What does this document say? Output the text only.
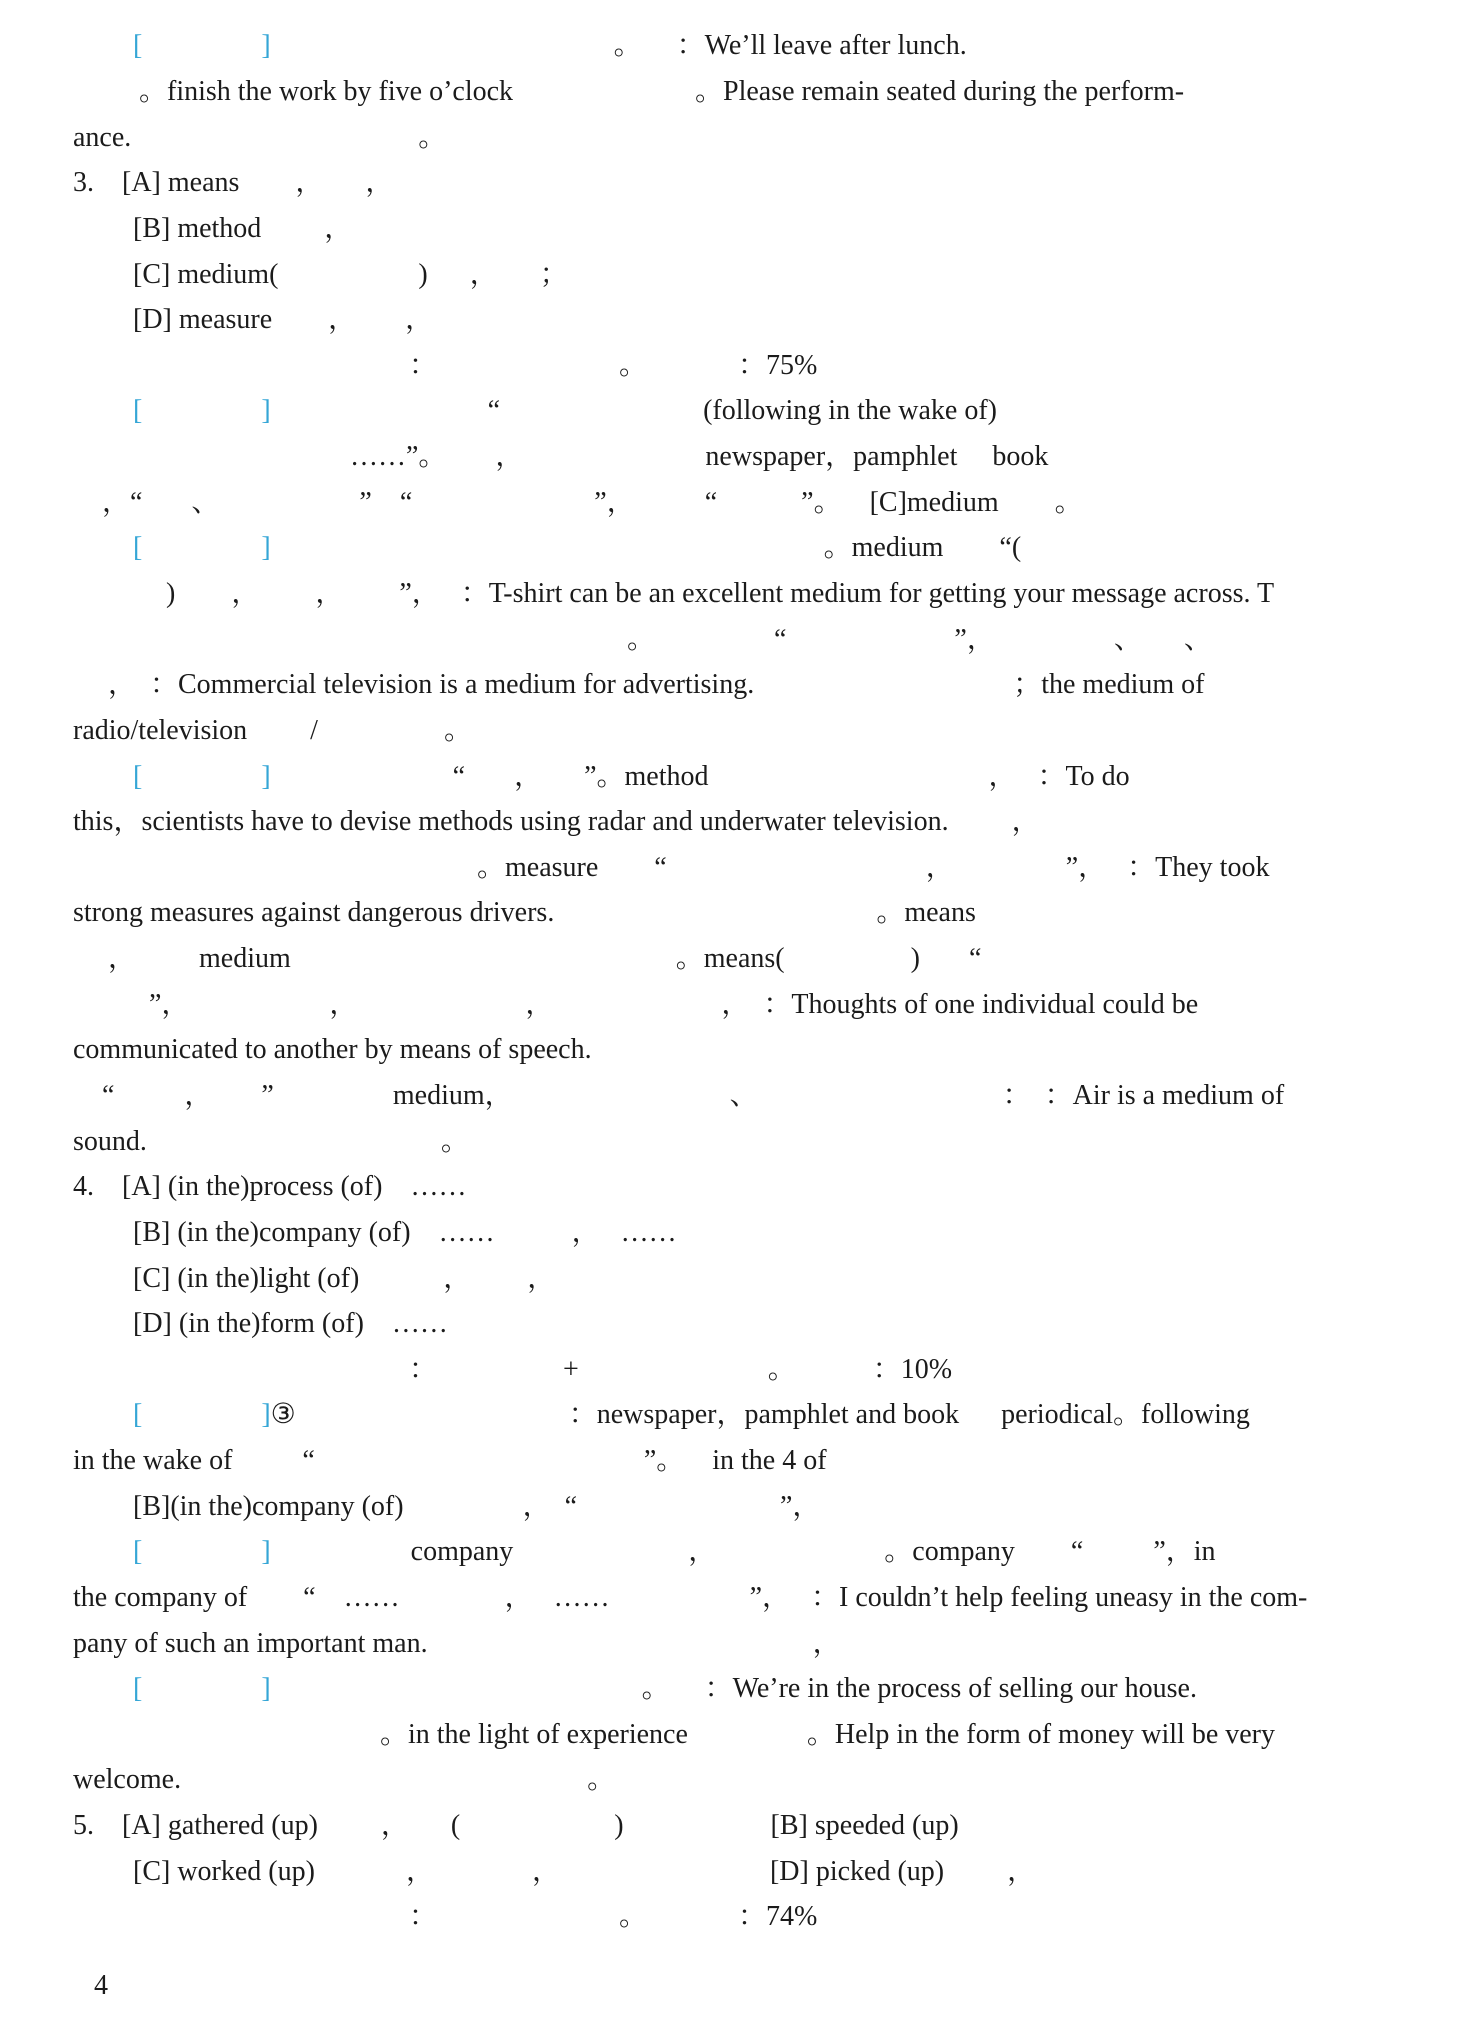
[	]                                                 。     ：We’ll leave after lunch.
。finish the work by five o’clock                          。Please remain seated during the perform-
ance.                                         。
3.    [A] means        ，      ，
[B] method         ，
[C] medium(                    )      ，      ；
[D] measure        ，       ，
：                          。             ：75%
[	]                               “                             (following in the wake of)
……”。       ，                          newspaper，pamphlet     book
，“       、                    ”    “                          ”，          “            ”。    [C]medium        。
[	]                                                                               。medium        “(
)        ，        ，        ”，   ：T-shirt can be an excellent medium for getting your message across. T
。                 “                        ”，                 、      、
，  ：Commercial television is a medium for advertising.                                     ；the medium of
radio/television         /                  。
[	]                          “       ，      ”。method                                        ，   ：To do
this，scientists have to devise methods using radar and underwater television.         ，
。measure        “                                     ，                ”，   ：They took
strong measures against dangerous drivers.                                              。means
，         medium                                                       。means(                  )       “
”，                    ，                        ，                        ，  ：Thoughts of one individual could be
communicated to another by means of speech.
“          ，       ”                 medium，                               、                                   ：  ：Air is a medium of
sound.                                          。
4.    [A] (in the)process (of)    ……
[B] (in the)company (of)    ……           ，   ……
[C] (in the)light (of)            ，        ，
[D] (in the)form (of)    ……
：                  +                           。           ：10%
[	]③                                       ：newspaper，pamphlet and book      periodical。following
in the wake of          “                                               ”。    in the 4 of
[B](in the)company (of)                 ，  “                             ”，
[	]                    company                         ，                        。company        “          ”，in
the company of        “    ……               ，   ……                    ”，   ：I couldn’t help feeling uneasy in the com-
pany of such an important man.                                                       ，
[	]                                                     。     ：We’re in the process of selling our house.
。in the light of experience                 。Help in the form of money will be very
welcome.                                                          。
5.    [A] gathered (up)         ，      (                      )                     [B] speeded (up)
[C] worked (up)             ，              ，                              [D] picked (up)         ，
：                          。             ：74%
4
